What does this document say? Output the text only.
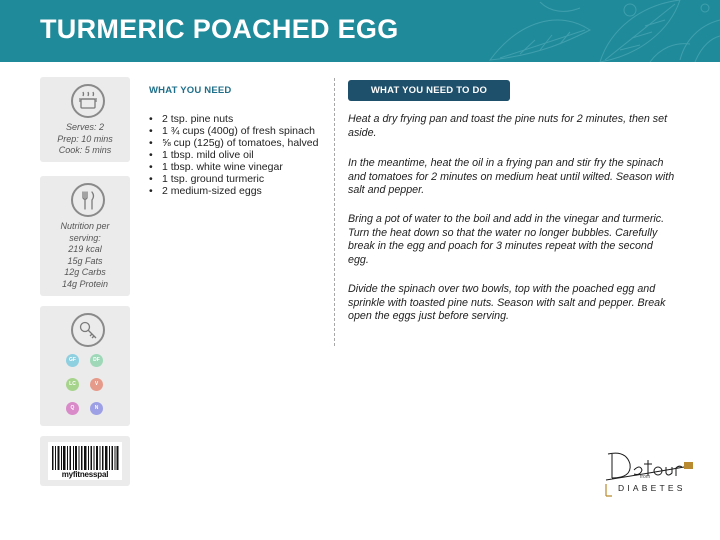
TURMERIC POACHED EGG
Serves: 2
Prep: 10 mins
Cook: 5 mins
Nutrition per serving:
219 kcal
15g Fats
12g Carbs
14g Protein
GF	DF
LC	V
Q	N
myfitnesspal
WHAT YOU NEED
• 2 tsp. pine nuts
• 1 ¾ cups (400g) of fresh spinach
• ⅝ cup (125g) of tomatoes, halved
• 1 tbsp. mild olive oil
• 1 tbsp. white wine vinegar
• 1 tsp. ground turmeric
• 2 medium-sized eggs
WHAT YOU NEED TO DO

Heat a dry frying pan and toast the pine nuts for 2 minutes, then set aside.

In the meantime, heat the oil in a frying pan and stir fry the spinach and tomatoes for 2 minutes on medium heat until wilted. Season with salt and pepper.

Bring a pot of water to the boil and add in the vinegar and turmeric. Turn the heat down so that the water no longer bubbles. Carefully break in the egg and poach for 3 minutes repeat with the second egg.

Divide the spinach over two bowls, top with the poached egg and sprinkle with toasted pine nuts. Season with salt and pepper. Break open the eggs just before serving.

from
DIABETES
